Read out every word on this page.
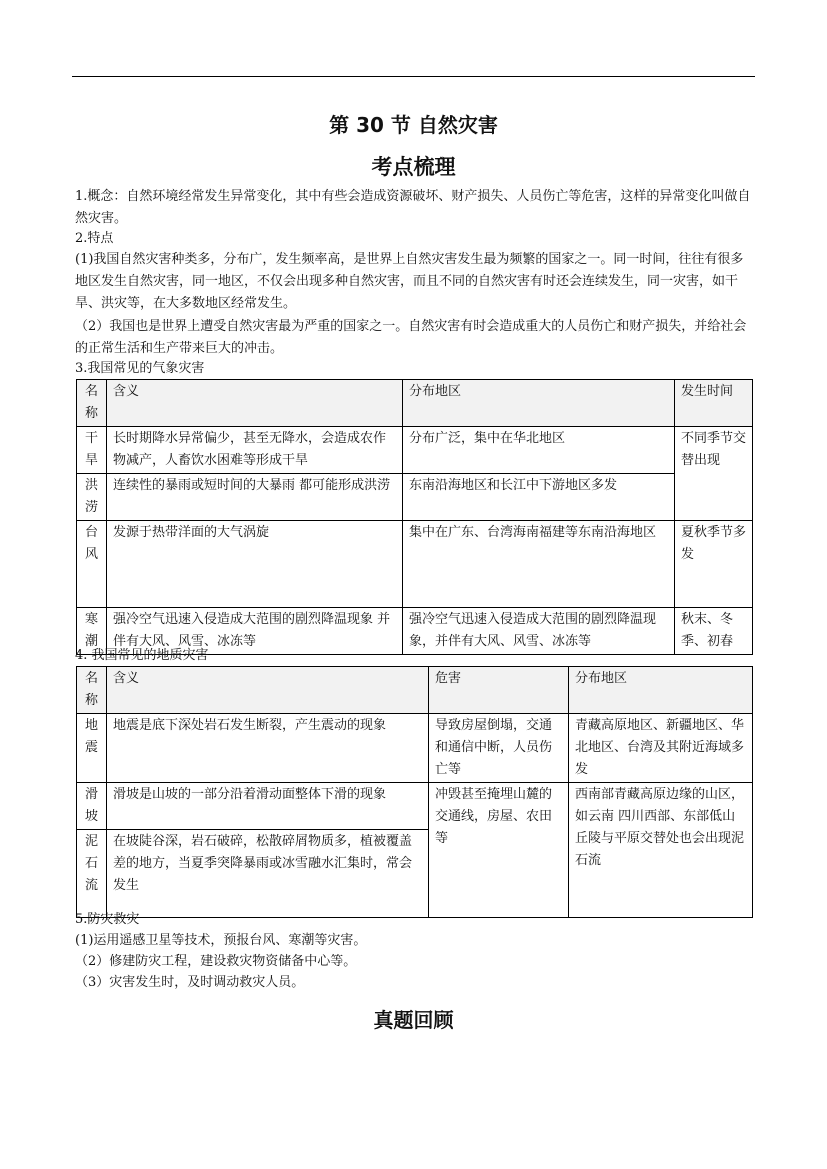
第 30 节 自然灾害
考点梳理
1.概念：自然环境经常发生异常变化，其中有些会造成资源破坏、财产损失、人员伤亡等危害，这样的异常变化叫做自然灾害。
2.特点
(1)我国自然灾害种类多，分布广，发生频率高，是世界上自然灾害发生最为频繁的国家之一。同一时间，往往有很多地区发生自然灾害，同一地区，不仅会出现多种自然灾害，而且不同的自然灾害有时还会连续发生，同一灾害，如干旱、洪灾等，在大多数地区经常发生。
（2）我国也是世界上遭受自然灾害最为严重的国家之一。自然灾害有时会造成重大的人员伤亡和财产损失，并给社会的正常生活和生产带来巨大的冲击。
3.我国常见的气象灾害
名称	含义	分布地区	发生时间
干旱	长时期降水异常偏少，甚至无降水，会造成农作物减产，人畜饮水困难等形成干旱	分布广泛，集中在华北地区	不同季节交替出现
洪涝	连续性的暴雨或短时间的大暴雨 都可能形成洪涝	东南沿海地区和长江中下游地区多发	
台风	发源于热带洋面的大气涡旋	集中在广东、台湾海南福建等东南沿海地区	夏秋季节多发
寒潮	强冷空气迅速入侵造成大范围的剧烈降温现象 并伴有大风、风雪、冰冻等	强冷空气迅速入侵造成大范围的剧烈降温现象，并伴有大风、风雪、冰冻等	秋末、冬季、初春
4. 我国常见的地质灾害
名称	含义	危害	分布地区
地震	地震是底下深处岩石发生断裂，产生震动的现象	导致房屋倒塌，交通和通信中断，人员伤亡等	青藏高原地区、新疆地区、华北地区、台湾及其附近海域多发
滑坡	滑坡是山坡的一部分沿着滑动面整体下滑的现象	冲毁甚至掩埋山麓的交通线，房屋、农田等	西南部青藏高原边缘的山区，如云南 四川西部、东部低山丘陵与平原交替处也会出现泥石流
泥石流	在坡陡谷深，岩石破碎，松散碎屑物质多，植被覆盖差的地方，当夏季突降暴雨或冰雪融水汇集时，常会发生		
5.防灾救灾
(1)运用遥感卫星等技术，预报台风、寒潮等灾害。
（2）修建防灾工程，建设救灾物资储备中心等。
（3）灾害发生时，及时调动救灾人员。
真题回顾
